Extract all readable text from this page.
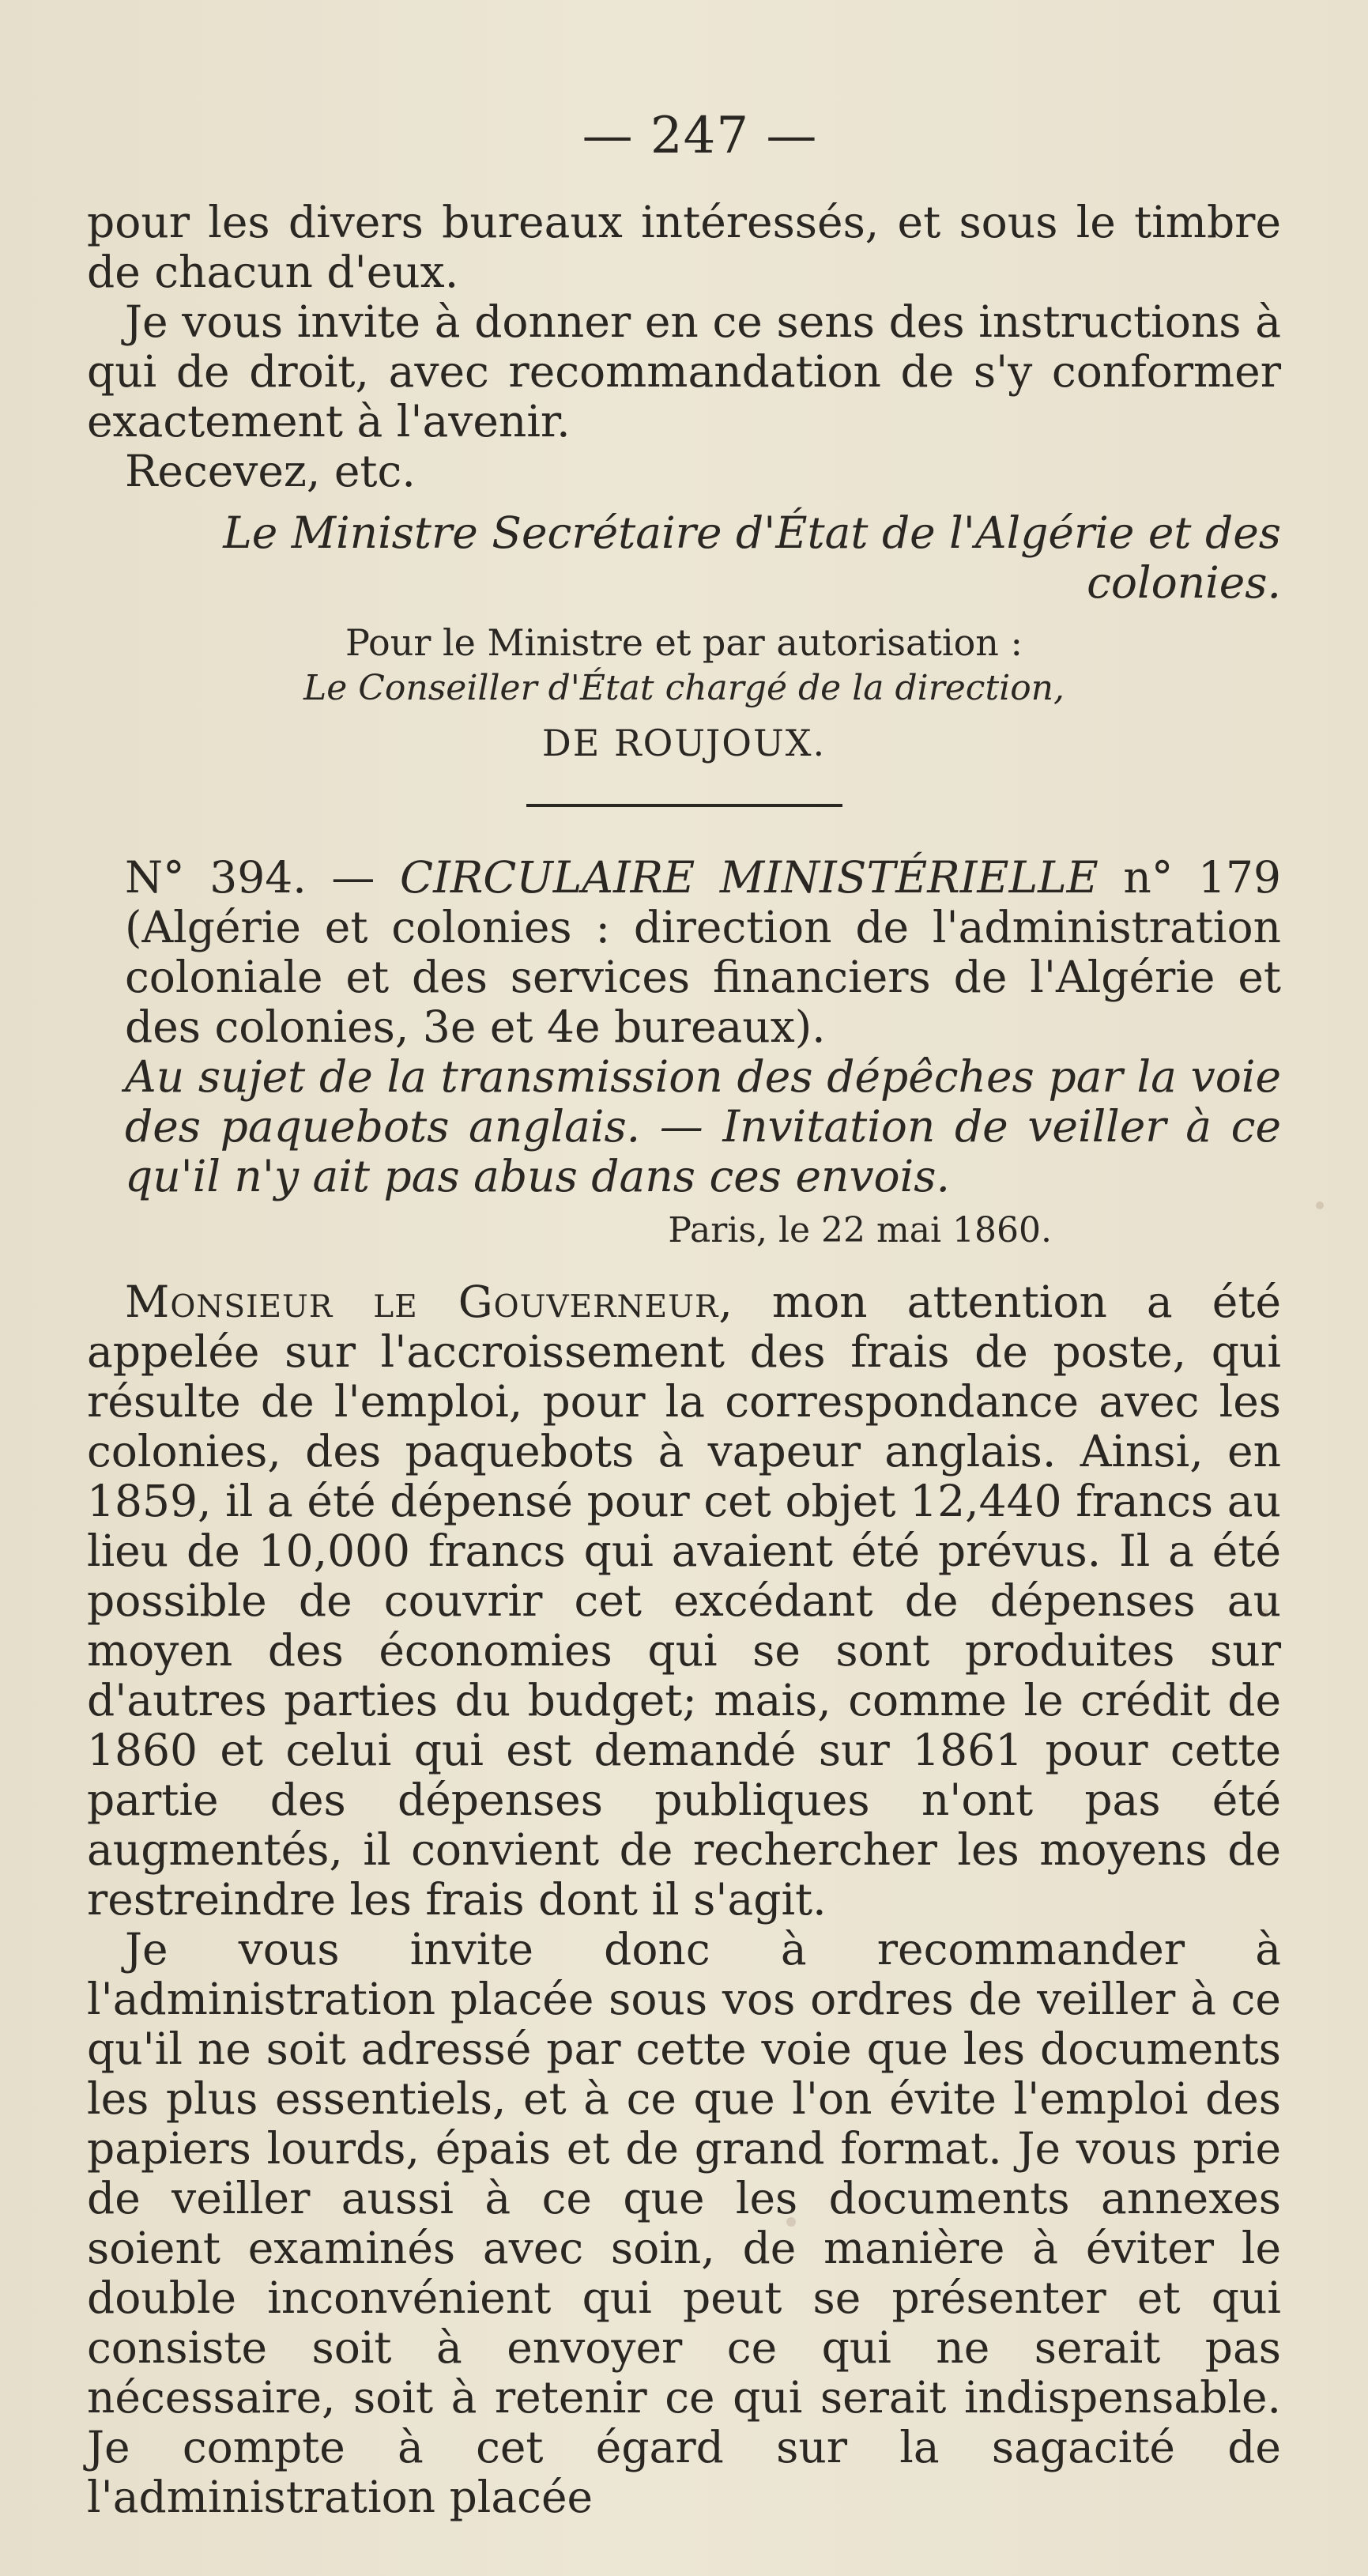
— 247 —

pour les divers bureaux intéressés, et sous le timbre de chacun d'eux.

Je vous invite à donner en ce sens des instructions à qui de droit, avec recommandation de s'y conformer exactement à l'avenir.

Recevez, etc.

Le Ministre Secrétaire d'État de l'Algérie et des colonies.

Pour le Ministre et par autorisation :

Le Conseiller d'État chargé de la direction,

DE ROUJOUX.

N° 394. — CIRCULAIRE MINISTÉRIELLE n° 179 (Algérie et colonies : direction de l'administration coloniale et des services financiers de l'Algérie et des colonies, 3e et 4e bureaux).

Au sujet de la transmission des dépêches par la voie des paquebots anglais. — Invitation de veiller à ce qu'il n'y ait pas abus dans ces envois.

Paris, le 22 mai 1860.

Monsieur le Gouverneur, mon attention a été appelée sur l'accroissement des frais de poste, qui résulte de l'emploi, pour la correspondance avec les colonies, des paquebots à vapeur anglais. Ainsi, en 1859, il a été dépensé pour cet objet 12,440 francs au lieu de 10,000 francs qui avaient été prévus. Il a été possible de couvrir cet excédant de dépenses au moyen des économies qui se sont produites sur d'autres parties du budget; mais, comme le crédit de 1860 et celui qui est demandé sur 1861 pour cette partie des dépenses publiques n'ont pas été augmentés, il convient de rechercher les moyens de restreindre les frais dont il s'agit.

Je vous invite donc à recommander à l'administration placée sous vos ordres de veiller à ce qu'il ne soit adressé par cette voie que les documents les plus essentiels, et à ce que l'on évite l'emploi des papiers lourds, épais et de grand format. Je vous prie de veiller aussi à ce que les documents annexes soient examinés avec soin, de manière à éviter le double inconvénient qui peut se présenter et qui consiste soit à envoyer ce qui ne serait pas nécessaire, soit à retenir ce qui serait indispensable. Je compte à cet égard sur la sagacité de l'administration placée
